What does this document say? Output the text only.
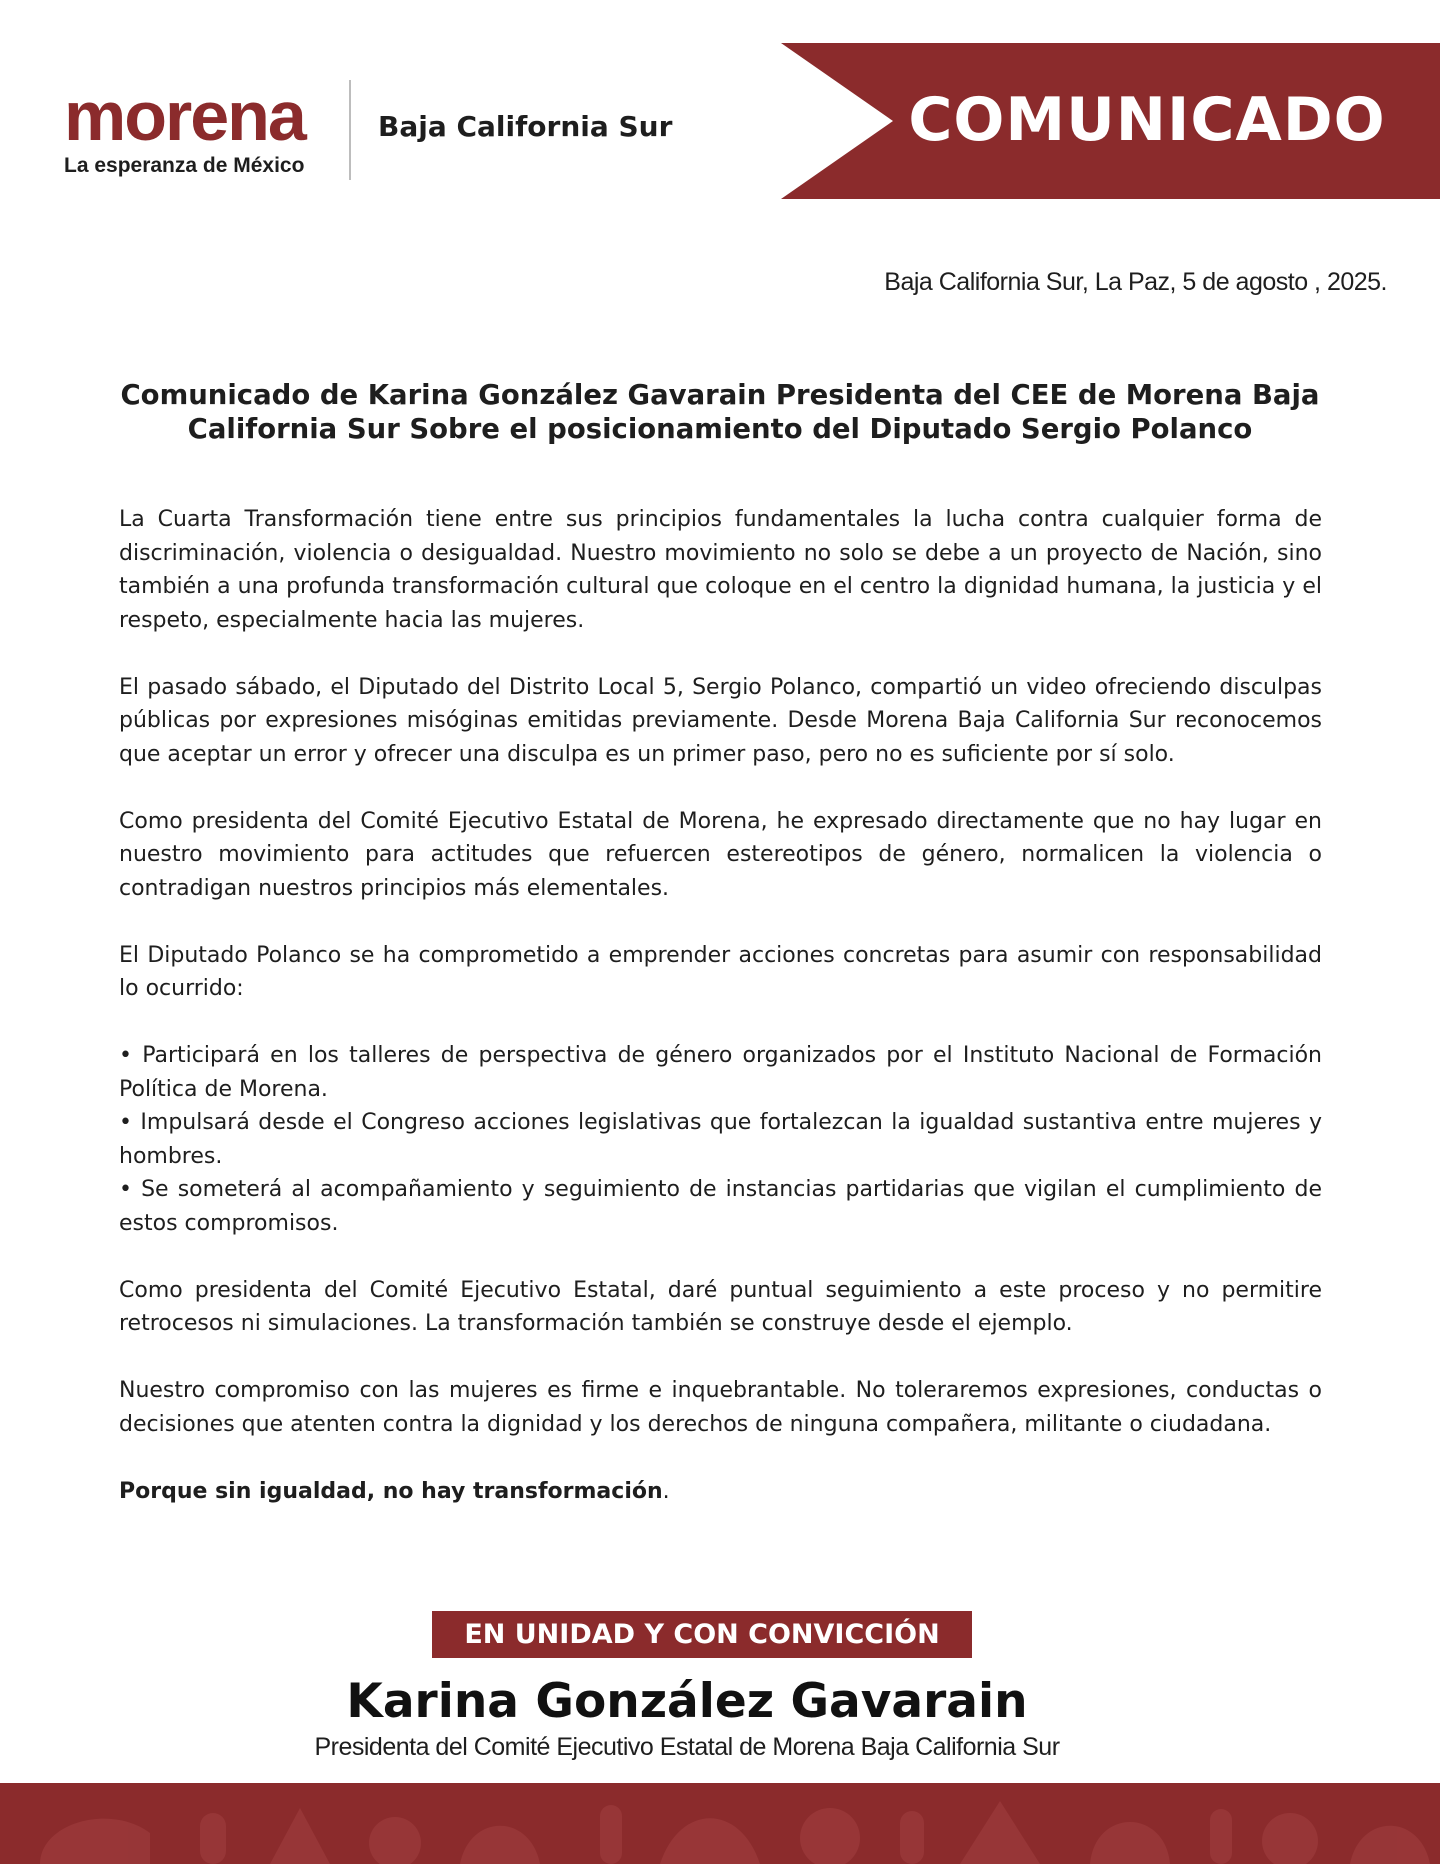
morena
La esperanza de México
Baja California Sur	COMUNICADO
Baja California Sur, La Paz, 5 de agosto , 2025.
Comunicado de Karina González Gavarain Presidenta del CEE de Morena Baja California Sur Sobre el posicionamiento del Diputado Sergio Polanco

La Cuarta Transformación tiene entre sus principios fundamentales la lucha contra cualquier forma de discriminación, violencia o desigualdad. Nuestro movimiento no solo se debe a un proyecto de Nación, sino también a una profunda transformación cultural que coloque en el centro la dignidad humana, la justicia y el respeto, especialmente hacia las mujeres.

El pasado sábado, el Diputado del Distrito Local 5, Sergio Polanco, compartió un video ofreciendo disculpas públicas por expresiones misóginas emitidas previamente. Desde Morena Baja California Sur reconocemos que aceptar un error y ofrecer una disculpa es un primer paso, pero no es suficiente por sí solo.

Como presidenta del Comité Ejecutivo Estatal de Morena, he expresado directamente que no hay lugar en nuestro movimiento para actitudes que refuercen estereotipos de género, normalicen la violencia o contradigan nuestros principios más elementales.

El Diputado Polanco se ha comprometido a emprender acciones concretas para asumir con responsabilidad lo ocurrido:

• Participará en los talleres de perspectiva de género organizados por el Instituto Nacional de Formación Política de Morena.
• Impulsará desde el Congreso acciones legislativas que fortalezcan la igualdad sustantiva entre mujeres y hombres.
• Se someterá al acompañamiento y seguimiento de instancias partidarias que vigilan el cumplimiento de estos compromisos.

Como presidenta del Comité Ejecutivo Estatal, daré puntual seguimiento a este proceso y no permitire retrocesos ni simulaciones. La transformación también se construye desde el ejemplo.

Nuestro compromiso con las mujeres es firme e inquebrantable. No toleraremos expresiones, conductas o decisiones que atenten contra la dignidad y los derechos de ninguna compañera, militante o ciudadana.

Porque sin igualdad, no hay transformación.

EN UNIDAD Y CON CONVICCIÓN
Karina González Gavarain
Presidenta del Comité Ejecutivo Estatal de Morena Baja California Sur
